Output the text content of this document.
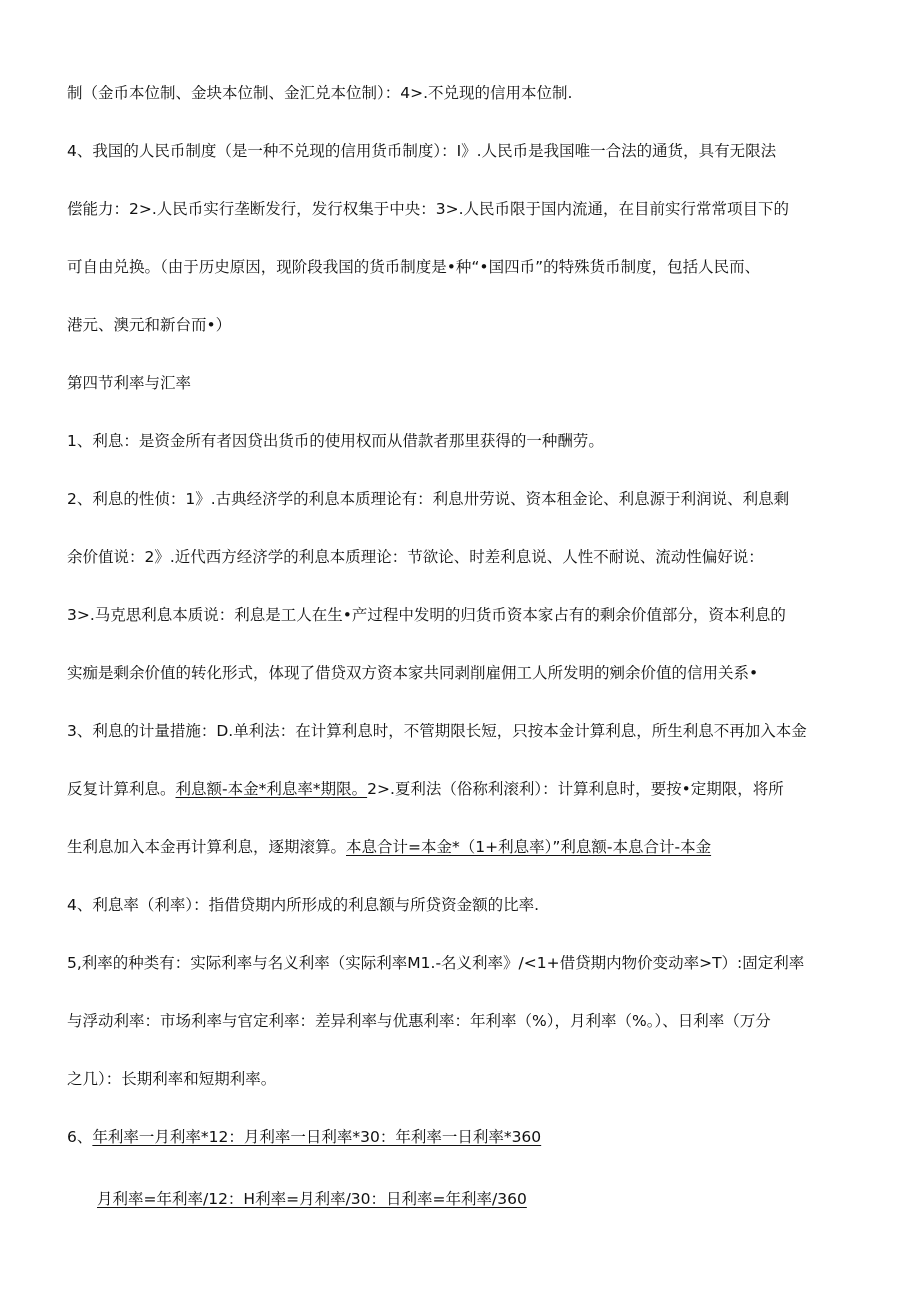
制（金币本位制、金块本位制、金汇兑本位制）：4>.不兑现的信用本位制.
4、我国的人民币制度（是一种不兑现的信用货币制度）：I》.人民币是我国唯一合法的通货，具有无限法
偿能力：2>.人民币实行垄断发行，发行权集于中央：3>.人民币限于国内流通，在目前实行常常项目下的
可自由兑换。（由于历史原因，现阶段我国的货币制度是•种“•国四币”的特殊货币制度，包括人民而、
港元、澳元和新台而•）
第四节利率与汇率
1、利息：是资金所有者因贷出货币的使用权而从借款者那里获得的一种酬劳。
2、利息的性侦：1》.古典经济学的利息本质理论有：利息卅劳说、资本租金论、利息源于利润说、利息剩
余价值说：2》.近代西方经济学的利息本质理论：节欲论、时差利息说、人性不耐说、流动性偏好说：
3>.马克思利息本质说：利息是工人在生•产过程中发明的归货币资本家占有的剩余价值部分，资本利息的
实痂是剩余价值的转化形式，体现了借贷双方资本家共同剥削雇佣工人所发明的剜余价值的信用关系•
3、利息的计量措施：D.单利法：在计算利息时，不管期限长短，只按本金计算利息，所生利息不再加入本金
反复计算利息。利息额-本金*利息率*期限。2>.夏利法（俗称利滚利）：计算利息时，要按•定期限，将所
生利息加入本金再计算利息，逐期滚算。本息合计=本金*（1+利息率）”利息额-本息合计-本金
4、利息率（利率）：指借贷期内所形成的利息额与所贷资金额的比率.
5,利率的种类有：实际利率与名义利率（实际利率M1.-名义利率》/<1+借贷期内物价变动率>T）:固定利率
与浮动利率：市场利率与官定利率：差异利率与优惠利率：年利率（%），月利率（%。）、日利率（万分
之几）：长期利率和短期利率。
6、年利率一月利率*12：月利率一日利率*30：年利率一日利率*360
月利率=年利率/12：H利率=月利率/30：日利率=年利率/360
